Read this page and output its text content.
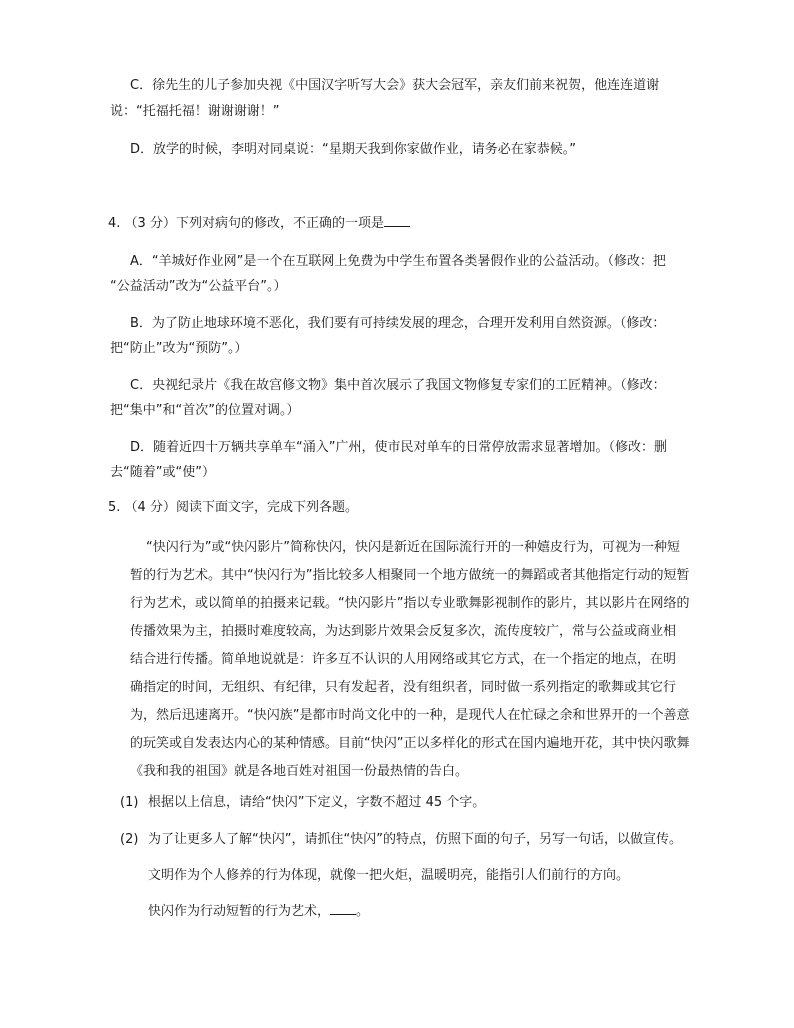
C．徐先生的儿子参加央视《中国汉字听写大会》获大会冠军，亲友们前来祝贺，他连连道谢
说：“托福托福！谢谢谢谢！”
D．放学的时候，李明对同桌说：“星期天我到你家做作业，请务必在家恭候。”
4. （3 分）下列对病句的修改，不正确的一项是
A．“羊城好作业网”是一个在互联网上免费为中学生布置各类暑假作业的公益活动。（修改：把
“公益活动”改为“公益平台”。）
B．为了防止地球环境不恶化，我们要有可持续发展的理念，合理开发利用自然资源。（修改：
把“防止”改为“预防”。）
C．央视纪录片《我在故宫修文物》集中首次展示了我国文物修复专家们的工匠精神。（修改：
把“集中”和“首次”的位置对调。）
D．随着近四十万辆共享单车“涌入”广州，使市民对单车的日常停放需求显著增加。（修改：删
去“随着”或“使”）
5. （4 分）阅读下面文字，完成下列各题。
“快闪行为”或“快闪影片”简称快闪，快闪是新近在国际流行开的一种嬉皮行为，可视为一种短
暂的行为艺术。其中“快闪行为”指比较多人相聚同一个地方做统一的舞蹈或者其他指定行动的短暂
行为艺术，或以简单的拍摄来记载。“快闪影片”指以专业歌舞影视制作的影片，其以影片在网络的
传播效果为主，拍摄时难度较高，为达到影片效果会反复多次，流传度较广，常与公益或商业相
结合进行传播。简单地说就是：许多互不认识的人用网络或其它方式，在一个指定的地点，在明
确指定的时间，无组织、有纪律，只有发起者，没有组织者，同时做一系列指定的歌舞或其它行
为，然后迅速离开。“快闪族”是都市时尚文化中的一种，是现代人在忙碌之余和世界开的一个善意
的玩笑或自发表达内心的某种情感。目前“快闪”正以多样化的形式在国内遍地开花，其中快闪歌舞
《我和我的祖国》就是各地百姓对祖国一份最热情的告白。
(1) 根据以上信息，请给“快闪”下定义，字数不超过 45 个字。
(2) 为了让更多人了解“快闪”，请抓住“快闪”的特点，仿照下面的句子，另写一句话，以做宣传。
文明作为个人修养的行为体现，就像一把火炬，温暖明亮，能指引人们前行的方向。
快闪作为行动短暂的行为艺术， 。
